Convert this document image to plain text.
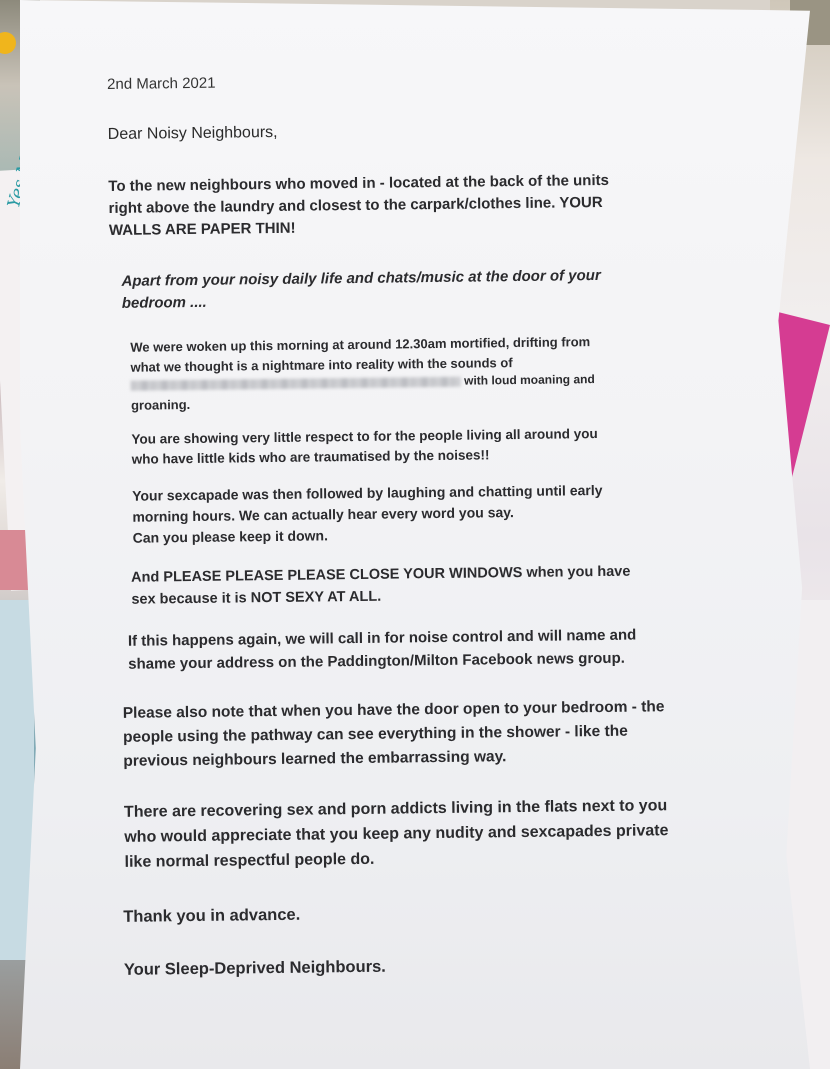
Yes
2nd March 2021
Dear Noisy Neighbours,
To the new neighbours who moved in - located at the back of the units
right above the laundry and closest to the carpark/clothes line. YOUR
WALLS ARE PAPER THIN!
Apart from your noisy daily life and chats/music at the door of your
bedroom ....
We were woken up this morning at around 12.30am mortified, drifting from
what we thought is a nightmare into reality with the sounds of
with loud moaning and
groaning.
You are showing very little respect to for the people living all around you
who have little kids who are traumatised by the noises!!
Your sexcapade was then followed by laughing and chatting until early
morning hours. We can actually hear every word you say.
Can you please keep it down.
And PLEASE PLEASE PLEASE CLOSE YOUR WINDOWS when you have
sex because it is NOT SEXY AT ALL.
If this happens again, we will call in for noise control and will name and
shame your address on the Paddington/Milton Facebook news group.
Please also note that when you have the door open to your bedroom - the
people using the pathway can see everything in the shower - like the
previous neighbours learned the embarrassing way.
There are recovering sex and porn addicts living in the flats next to you
who would appreciate that you keep any nudity and sexcapades private
like normal respectful people do.
Thank you in advance.
Your Sleep-Deprived Neighbours.
